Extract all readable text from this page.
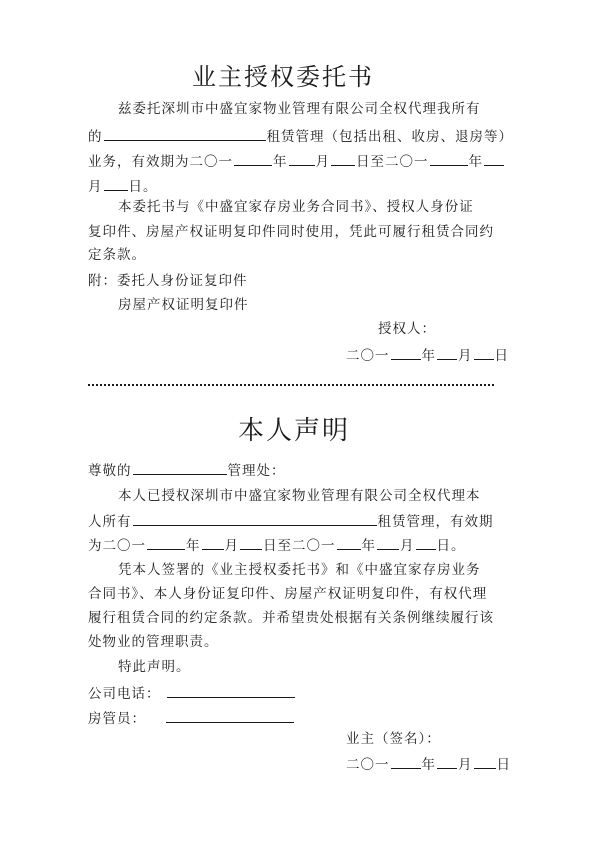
业主授权委托书
兹委托深圳市中盛宜家物业管理有限公司全权代理我所有
的	租赁管理（包括出租、收房、退房等）
业务，有效期为二〇一	年 月 日至二〇一	年
月 日。
本委托书与《中盛宜家存房业务合同书》、授权人身份证
复印件、房屋产权证明复印件同时使用，凭此可履行租赁合同约
定条款。
附：委托人身份证复印件
房屋产权证明复印件
授权人：
二〇一 年 月 日
本人声明
尊敬的	管理处：
本人已授权深圳市中盛宜家物业管理有限公司全权代理本
人所有	租赁管理，有效期
为二〇一	年 月 日至二〇一 年 月 日。
凭本人签署的《业主授权委托书》和《中盛宜家存房业务
合同书》、本人身份证复印件、房屋产权证明复印件，有权代理
履行租赁合同的约定条款。并希望贵处根据有关条例继续履行该
处物业的管理职责。
特此声明。
公司电话：
房管员：
业主（签名）：
二〇一 年 月 日
